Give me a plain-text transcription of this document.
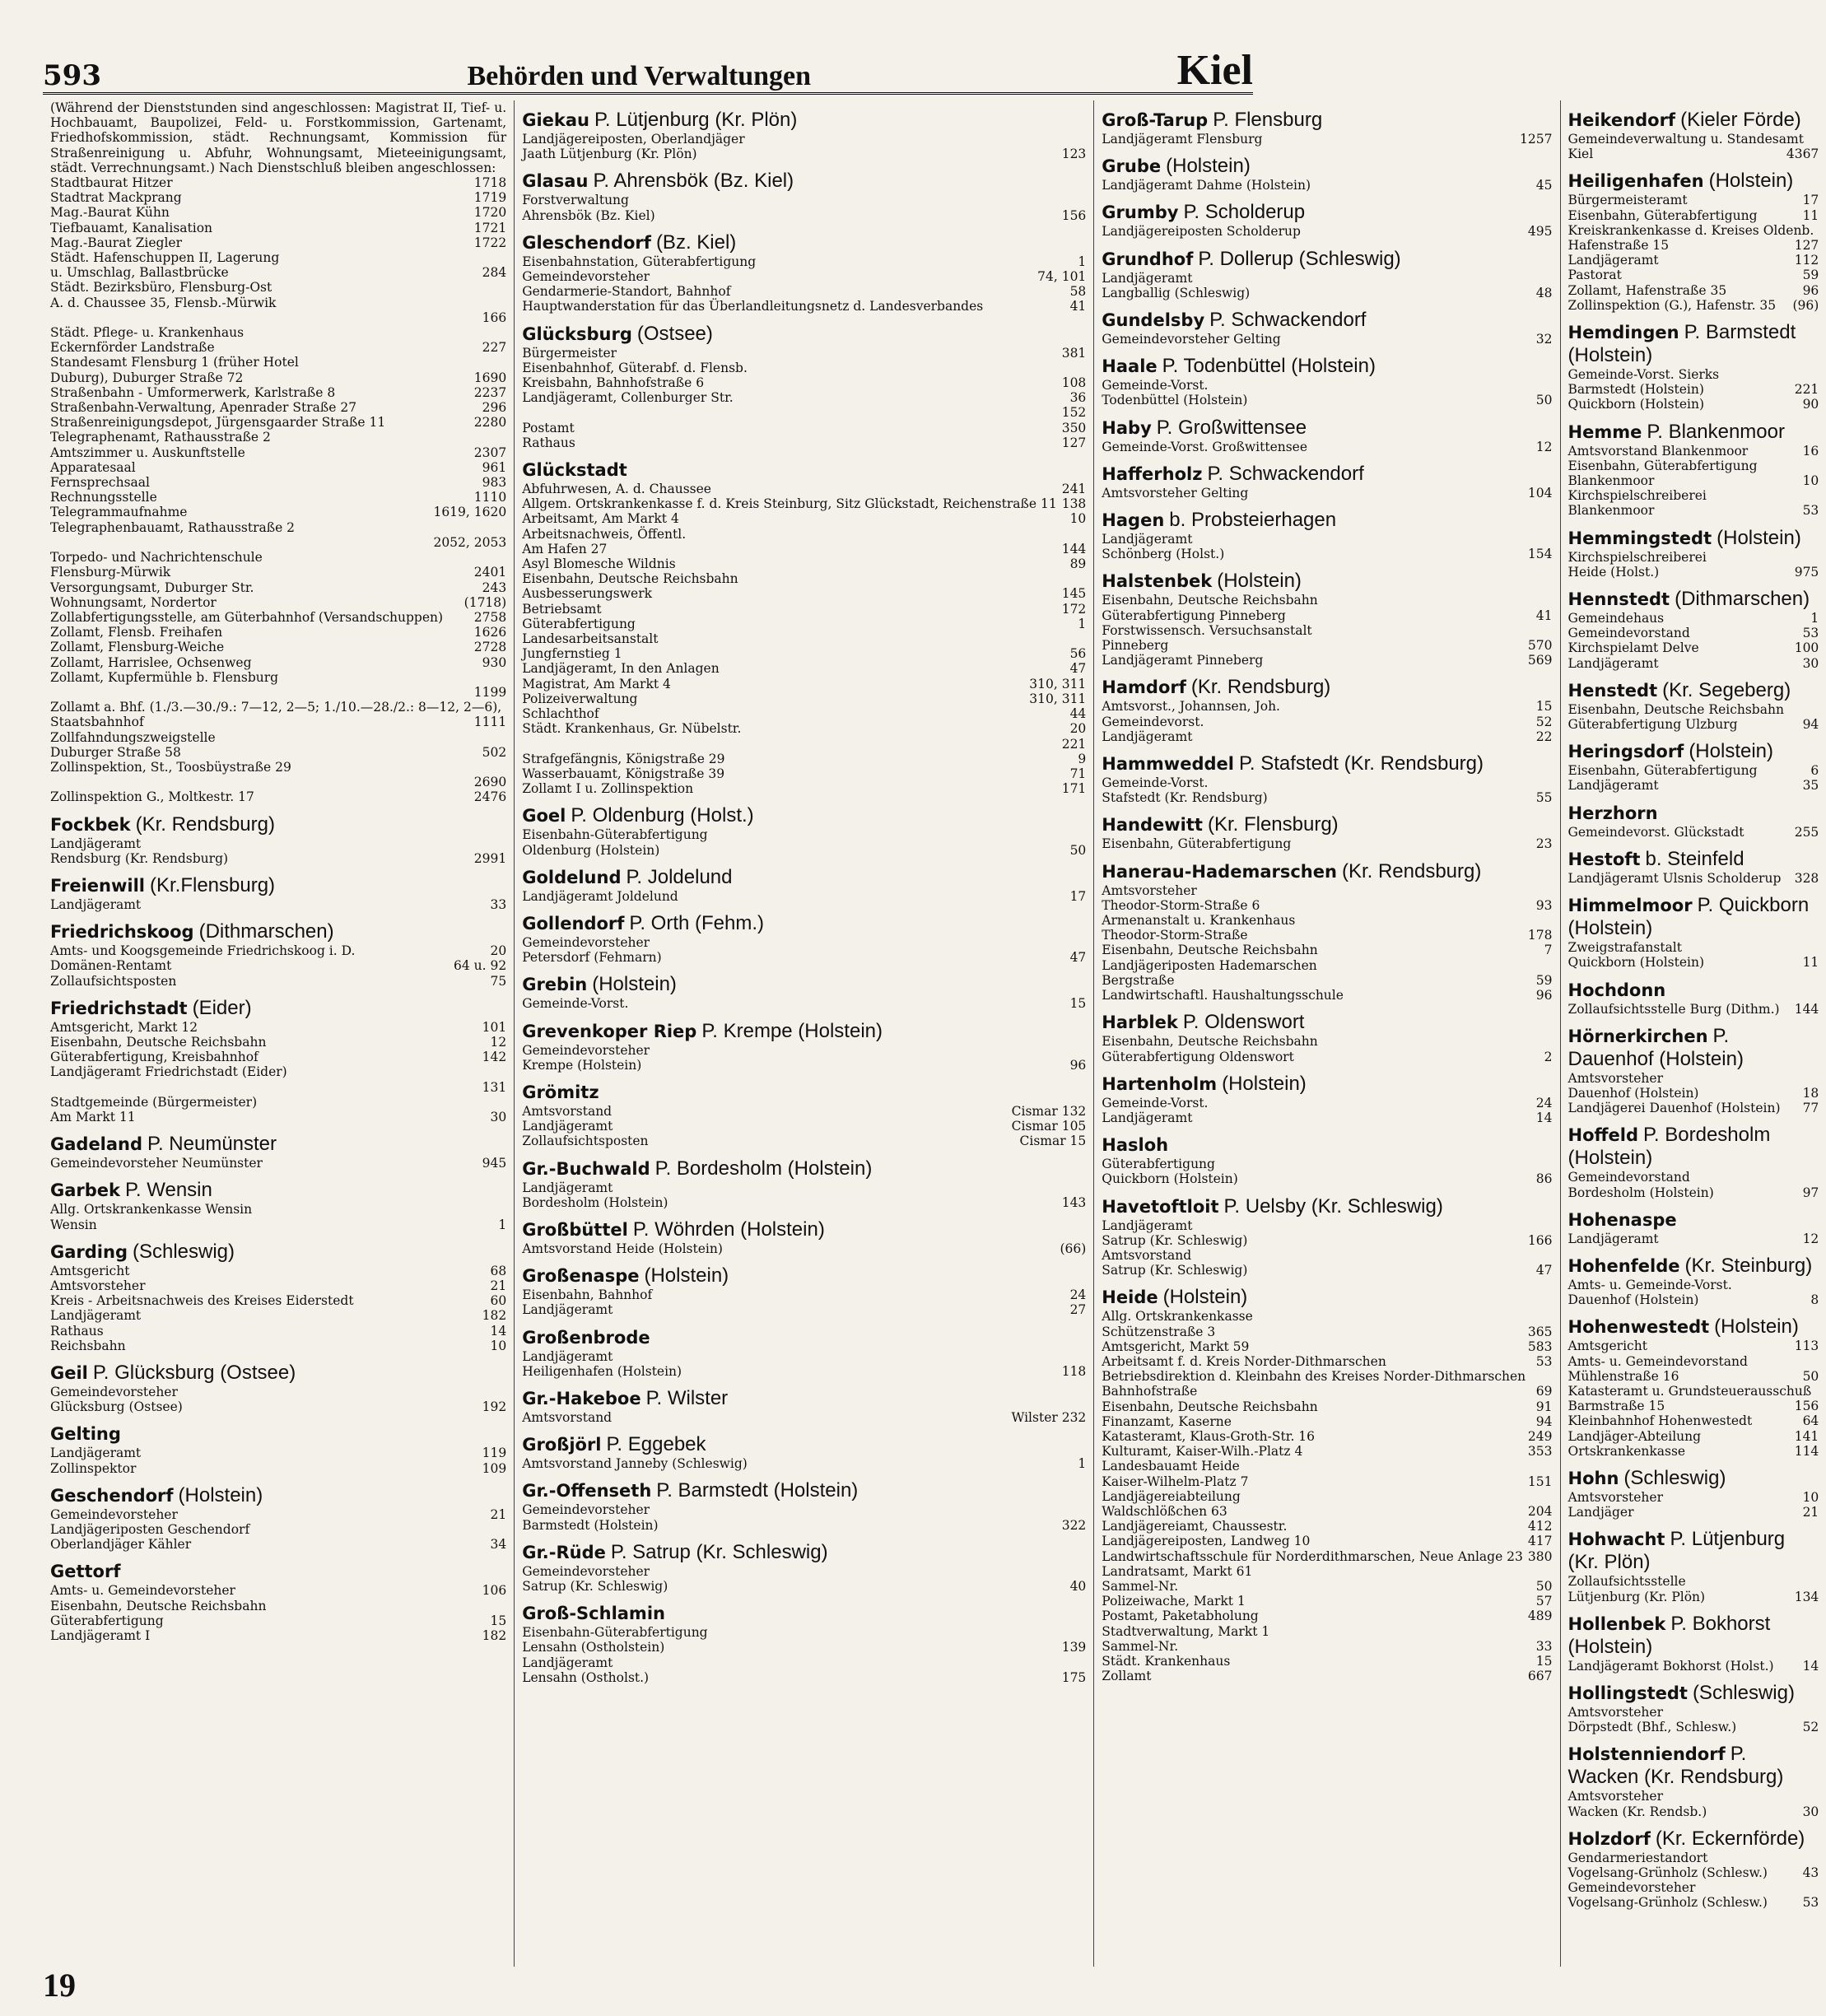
593	Behörden und Verwaltungen	Kiel

(Während der Dienststunden sind angeschlossen: Magistrat II, Tief- u. Hochbauamt, Baupolizei, Feld- u. Forstkommission, Gartenamt, Friedhofskommission, städt. Rechnungsamt, Kommission für Straßenreinigung u. Abfuhr, Wohnungsamt, Mieteeinigungsamt, städt. Verrechnungsamt.) Nach Dienstschluß bleiben angeschlossen:

Stadtbaurat Hitzer	1718
Stadtrat Mackprang	1719
Mag.-Baurat Kühn	1720
Tiefbauamt, Kanalisation	1721
Mag.-Baurat Ziegler	1722
Städt. Hafenschuppen II, Lagerung
u. Umschlag, Ballastbrücke	284
Städt. Bezirksbüro, Flensburg-Ost
A. d. Chaussee 35, Flensb.-Mürwik
166
Städt. Pflege- u. Krankenhaus
Eckernförder Landstraße	227
Standesamt Flensburg 1 (früher Hotel
Duburg), Duburger Straße 72	1690
Straßenbahn - Umformerwerk, Karlstraße 8	2237
Straßenbahn-Verwaltung, Apenrader Straße 27	296
Straßenreinigungsdepot, Jürgensgaarder Straße 11	2280
Telegraphenamt, Rathausstraße 2
Amtszimmer u. Auskunftstelle	2307
Apparatesaal	961
Fernsprechsaal	983
Rechnungsstelle	1110
Telegrammaufnahme	1619, 1620
Telegraphenbauamt, Rathausstraße 2
2052, 2053
Torpedo- und Nachrichtenschule
Flensburg-Mürwik	2401
Versorgungsamt, Duburger Str.	243
Wohnungsamt, Nordertor	(1718)
Zollabfertigungsstelle, am Güterbahnhof (Versandschuppen) 2758
Zollamt, Flensb. Freihafen	1626
Zollamt, Flensburg-Weiche	2728
Zollamt, Harrislee, Ochsenweg	930
Zollamt, Kupfermühle b. Flensburg
1199
Zollamt a. Bhf. (1./3.—30./9.: 7—12, 2—5; 1./10.—28./2.: 8—12, 2—6),
Staatsbahnhof	1111
Zollfahndungszweigstelle
Duburger Straße 58	502
Zollinspektion, St., Toosbüystraße 29
2690
Zollinspektion G., Moltkestr. 17	2476
Fockbek (Kr. Rendsburg)
Landjägeramt
Rendsburg (Kr. Rendsburg)	2991
Freienwill (Kr.Flensburg)
Landjägeramt	33
Friedrichskoog (Dithmarschen)
Amts- und Koogsgemeinde Friedrichskoog i. D.	20
Domänen-Rentamt	64 u. 92
Zollaufsichtsposten	75
Friedrichstadt (Eider)
Amtsgericht, Markt 12	101
Eisenbahn, Deutsche Reichsbahn	12
Güterabfertigung, Kreisbahnhof	142
Landjägeramt Friedrichstadt (Eider)
131
Stadtgemeinde (Bürgermeister)
Am Markt 11	30
Gadeland P. Neumünster
Gemeindevorsteher Neumünster	945
Garbek P. Wensin
Allg. Ortskrankenkasse Wensin
Wensin	1
Garding (Schleswig)
Amtsgericht	68
Amtsvorsteher	21
Kreis - Arbeitsnachweis des Kreises Eiderstedt	60
Landjägeramt	182
Rathaus	14
Reichsbahn	10
Geil P. Glücksburg (Ostsee)
Gemeindevorsteher
Glücksburg (Ostsee)	192
Gelting
Landjägeramt	119
Zollinspektor	109
Geschendorf (Holstein)
Gemeindevorsteher	21
Landjägeriposten Geschendorf
Oberlandjäger Kähler	34
Gettorf
Amts- u. Gemeindevorsteher	106
Eisenbahn, Deutsche Reichsbahn
Güterabfertigung	15
Landjägeramt I	182
Giekau P. Lütjenburg (Kr. Plön)
Landjägereiposten, Oberlandjäger
Jaath Lütjenburg (Kr. Plön)	123
Glasau P. Ahrensbök (Bz. Kiel)
Forstverwaltung
Ahrensbök (Bz. Kiel)	156
Gleschendorf (Bz. Kiel)
Eisenbahnstation, Güterabfertigung	1
Gemeindevorsteher	74, 101
Gendarmerie-Standort, Bahnhof	58
Hauptwanderstation für das Überlandleitungsnetz d. Landesverbandes	41
Glücksburg (Ostsee)
Bürgermeister	381
Eisenbahnhof, Güterabf. d. Flensb.
Kreisbahn, Bahnhofstraße 6	108
Landjägeramt, Collenburger Str.	36
152
Postamt	350
Rathaus	127
Glückstadt
Abfuhrwesen, A. d. Chaussee	241
Allgem. Ortskrankenkasse f. d. Kreis Steinburg, Sitz Glückstadt, Reichenstraße 11 138
Arbeitsamt, Am Markt 4	10
Arbeitsnachweis, Öffentl.
Am Hafen 27	144
Asyl Blomesche Wildnis	89
Eisenbahn, Deutsche Reichsbahn
Ausbesserungswerk	145
Betriebsamt	172
Güterabfertigung	1
Landesarbeitsanstalt
Jungfernstieg 1	56
Landjägeramt, In den Anlagen	47
Magistrat, Am Markt 4	310, 311
Polizeiverwaltung	310, 311
Schlachthof	44
Städt. Krankenhaus, Gr. Nübelstr.	20
221
Strafgefängnis, Königstraße 29	9
Wasserbauamt, Königstraße 39	71
Zollamt I u. Zollinspektion	171
Goel P. Oldenburg (Holst.)
Eisenbahn-Güterabfertigung
Oldenburg (Holstein)	50
Goldelund P. Joldelund
Landjägeramt Joldelund	17
Gollendorf P. Orth (Fehm.)
Gemeindevorsteher
Petersdorf (Fehmarn)	47
Grebin (Holstein)
Gemeinde-Vorst.	15
Grevenkoper Riep P. Krempe (Holstein)
Gemeindevorsteher
Krempe (Holstein)	96
Grömitz
Amtsvorstand	Cismar 132
Landjägeramt	Cismar 105
Zollaufsichtsposten	Cismar 15
Gr.-Buchwald P. Bordesholm (Holstein)
Landjägeramt
Bordesholm (Holstein)	143
Großbüttel P. Wöhrden (Holstein)
Amtsvorstand Heide (Holstein)	(66)
Großenaspe (Holstein)
Eisenbahn, Bahnhof	24
Landjägeramt	27
Großenbrode
Landjägeramt
Heiligenhafen (Holstein)	118
Gr.-Hakeboe P. Wilster
Amtsvorstand	Wilster 232
Großjörl P. Eggebek
Amtsvorstand Janneby (Schleswig)	1
Gr.-Offenseth P. Barmstedt (Holstein)
Gemeindevorsteher
Barmstedt (Holstein)	322
Gr.-Rüde P. Satrup (Kr. Schleswig)
Gemeindevorsteher
Satrup (Kr. Schleswig)	40
Groß-Schlamin
Eisenbahn-Güterabfertigung
Lensahn (Ostholstein)	139
Landjägeramt
Lensahn (Ostholst.)	175
Groß-Tarup P. Flensburg
Landjägeramt Flensburg	1257
Grube (Holstein)
Landjägeramt Dahme (Holstein)	45
Grumby P. Scholderup
Landjägereiposten Scholderup	495
Grundhof P. Dollerup (Schleswig)
Landjägeramt
Langballig (Schleswig)	48
Gundelsby P. Schwackendorf
Gemeindevorsteher Gelting	32
Haale P. Todenbüttel (Holstein)
Gemeinde-Vorst.
Todenbüttel (Holstein)	50
Haby P. Großwittensee
Gemeinde-Vorst. Großwittensee	12
Hafferholz P. Schwackendorf
Amtsvorsteher Gelting	104
Hagen b. Probsteierhagen
Landjägeramt
Schönberg (Holst.)	154
Halstenbek (Holstein)
Eisenbahn, Deutsche Reichsbahn
Güterabfertigung Pinneberg	41
Forstwissensch. Versuchsanstalt
Pinneberg	570
Landjägeramt Pinneberg	569
Hamdorf (Kr. Rendsburg)
Amtsvorst., Johannsen, Joh.	15
Gemeindevorst.	52
Landjägeramt	22
Hammweddel P. Stafstedt (Kr. Rendsburg)
Gemeinde-Vorst.
Stafstedt (Kr. Rendsburg)	55
Handewitt (Kr. Flensburg)
Eisenbahn, Güterabfertigung	23
Hanerau-Hademarschen (Kr. Rendsburg)
Amtsvorsteher
Theodor-Storm-Straße 6	93
Armenanstalt u. Krankenhaus
Theodor-Storm-Straße	178
Eisenbahn, Deutsche Reichsbahn	7
Landjägeriposten Hademarschen
Bergstraße	59
Landwirtschaftl. Haushaltungsschule	96
Harblek P. Oldenswort
Eisenbahn, Deutsche Reichsbahn
Güterabfertigung Oldenswort	2
Hartenholm (Holstein)
Gemeinde-Vorst.	24
Landjägeramt	14
Hasloh
Güterabfertigung
Quickborn (Holstein)	86
Havetoftloit P. Uelsby (Kr. Schleswig)
Landjägeramt
Satrup (Kr. Schleswig)	166
Amtsvorstand
Satrup (Kr. Schleswig)	47
Heide (Holstein)
Allg. Ortskrankenkasse
Schützenstraße 3	365
Amtsgericht, Markt 59	583
Arbeitsamt f. d. Kreis Norder-Dithmarschen	53
Betriebsdirektion d. Kleinbahn des Kreises Norder-Dithmarschen
Bahnhofstraße	69
Eisenbahn, Deutsche Reichsbahn	91
Finanzamt, Kaserne	94
Katasteramt, Klaus-Groth-Str. 16	249
Kulturamt, Kaiser-Wilh.-Platz 4	353
Landesbauamt Heide
Kaiser-Wilhelm-Platz 7	151
Landjägereiabteilung
Waldschlößchen 63	204
Landjägereiamt, Chaussestr.	412
Landjägereiposten, Landweg 10	417
Landwirtschaftsschule für Norderdithmarschen, Neue Anlage 23 380
Landratsamt, Markt 61
Sammel-Nr.	50
Polizeiwache, Markt 1	57
Postamt, Paketabholung	489
Stadtverwaltung, Markt 1
Sammel-Nr.	33
Städt. Krankenhaus	15
Zollamt	667
Heikendorf (Kieler Förde)
Gemeindeverwaltung u. Standesamt
Kiel	4367
Heiligenhafen (Holstein)
Bürgermeisteramt	17
Eisenbahn, Güterabfertigung	11
Kreiskrankenkasse d. Kreises Oldenb.
Hafenstraße 15	127
Landjägeramt	112
Pastorat	59
Zollamt, Hafenstraße 35	96
Zollinspektion (G.), Hafenstr. 35 (96)
Hemdingen P. Barmstedt (Holstein)
Gemeinde-Vorst. Sierks
Barmstedt (Holstein)	221
Quickborn (Holstein)	90
Hemme P. Blankenmoor
Amtsvorstand Blankenmoor	16
Eisenbahn, Güterabfertigung
Blankenmoor	10
Kirchspielschreiberei
Blankenmoor	53
Hemmingstedt (Holstein)
Kirchspielschreiberei
Heide (Holst.)	975
Hennstedt (Dithmarschen)
Gemeindehaus	1
Gemeindevorstand	53
Kirchspielamt Delve	100
Landjägeramt	30
Henstedt (Kr. Segeberg)
Eisenbahn, Deutsche Reichsbahn
Güterabfertigung Ulzburg	94
Heringsdorf (Holstein)
Eisenbahn, Güterabfertigung	6
Landjägeramt	35
Herzhorn
Gemeindevorst. Glückstadt	255
Hestoft b. Steinfeld
Landjägeramt Ulsnis Scholderup 328
Himmelmoor P. Quickborn (Holstein)
Zweigstrafanstalt
Quickborn (Holstein)	11
Hochdonn
Zollaufsichtsstelle Burg (Dithm.) 144
Hörnerkirchen P. Dauenhof (Holstein)
Amtsvorsteher
Dauenhof (Holstein)	18
Landjägerei Dauenhof (Holstein) 77
Hoffeld P. Bordesholm (Holstein)
Gemeindevorstand
Bordesholm (Holstein)	97
Hohenaspe
Landjägeramt	12
Hohenfelde (Kr. Steinburg)
Amts- u. Gemeinde-Vorst.
Dauenhof (Holstein)	8
Hohenwestedt (Holstein)
Amtsgericht	113
Amts- u. Gemeindevorstand
Mühlenstraße 16	50
Katasteramt u. Grundsteuerausschuß
Barmstraße 15	156
Kleinbahnhof Hohenwestedt	64
Landjäger-Abteilung	141
Ortskrankenkasse	114
Hohn (Schleswig)
Amtsvorsteher	10
Landjäger	21
Hohwacht P. Lütjenburg (Kr. Plön)
Zollaufsichtsstelle
Lütjenburg (Kr. Plön)	134
Hollenbek P. Bokhorst (Holstein)
Landjägeramt Bokhorst (Holst.) 14
Hollingstedt (Schleswig)
Amtsvorsteher
Dörpstedt (Bhf., Schlesw.)	52
Holstenniendorf P. Wacken (Kr. Rendsburg)
Amtsvorsteher
Wacken (Kr. Rendsb.)	30
Holzdorf (Kr. Eckernförde)
Gendarmeriestandort
Vogelsang-Grünholz (Schlesw.)	43
Gemeindevorsteher
Vogelsang-Grünholz (Schlesw.)	53
19
